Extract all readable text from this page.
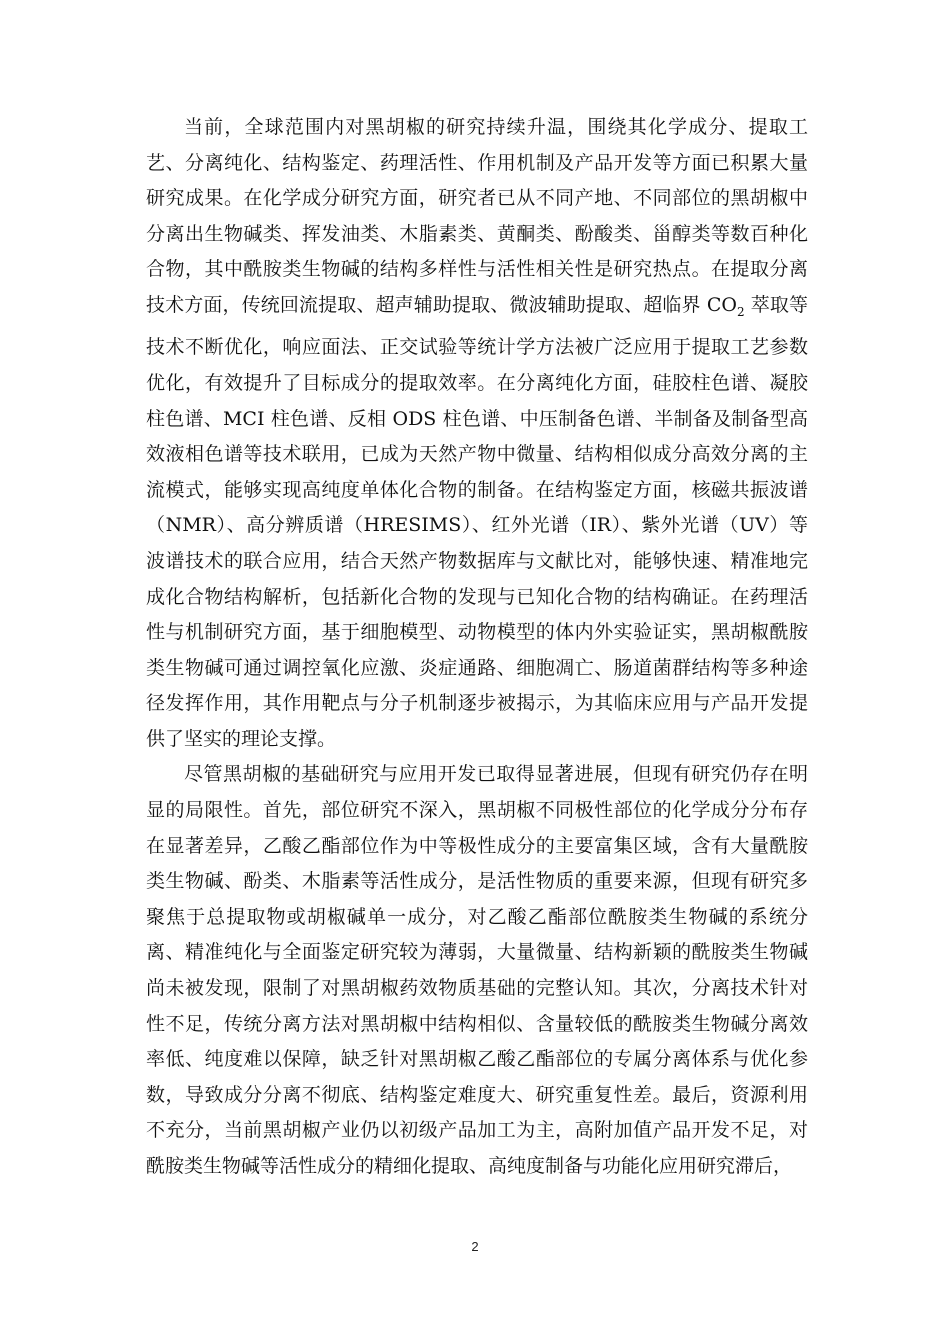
当前，全球范围内对黑胡椒的研究持续升温，围绕其化学成分、提取工艺、分离纯化、结构鉴定、药理活性、作用机制及产品开发等方面已积累大量研究成果。在化学成分研究方面，研究者已从不同产地、不同部位的黑胡椒中分离出生物碱类、挥发油类、木脂素类、黄酮类、酚酸类、甾醇类等数百种化合物，其中酰胺类生物碱的结构多样性与活性相关性是研究热点。在提取分离技术方面，传统回流提取、超声辅助提取、微波辅助提取、超临界 $CO_2$ 萃取等技术不断优化，响应面法、正交试验等统计学方法被广泛应用于提取工艺参数优化，有效提升了目标成分的提取效率。在分离纯化方面，硅胶柱色谱、凝胶柱色谱、MCI 柱色谱、反相 ODS 柱色谱、中压制备色谱、半制备及制备型高效液相色谱等技术联用，已成为天然产物中微量、结构相似成分高效分离的主流模式，能够实现高纯度单体化合物的制备。在结构鉴定方面，核磁共振波谱（NMR）、高分辨质谱（HRESIMS）、红外光谱（IR）、紫外光谱（UV）等波谱技术的联合应用，结合天然产物数据库与文献比对，能够快速、精准地完成化合物结构解析，包括新化合物的发现与已知化合物的结构确证。在药理活性与机制研究方面，基于细胞模型、动物模型的体内外实验证实，黑胡椒酰胺类生物碱可通过调控氧化应激、炎症通路、细胞凋亡、肠道菌群结构等多种途径发挥作用，其作用靶点与分子机制逐步被揭示，为其临床应用与产品开发提供了坚实的理论支撑。

尽管黑胡椒的基础研究与应用开发已取得显著进展，但现有研究仍存在明显的局限性。首先，部位研究不深入，黑胡椒不同极性部位的化学成分分布存在显著差异，乙酸乙酯部位作为中等极性成分的主要富集区域，含有大量酰胺类生物碱、酚类、木脂素等活性成分，是活性物质的重要来源，但现有研究多聚焦于总提取物或胡椒碱单一成分，对乙酸乙酯部位酰胺类生物碱的系统分离、精准纯化与全面鉴定研究较为薄弱，大量微量、结构新颖的酰胺类生物碱尚未被发现，限制了对黑胡椒药效物质基础的完整认知。其次，分离技术针对性不足，传统分离方法对黑胡椒中结构相似、含量较低的酰胺类生物碱分离效率低、纯度难以保障，缺乏针对黑胡椒乙酸乙酯部位的专属分离体系与优化参数，导致成分分离不彻底、结构鉴定难度大、研究重复性差。最后，资源利用不充分，当前黑胡椒产业仍以初级产品加工为主，高附加值产品开发不足，对酰胺类生物碱等活性成分的精细化提取、高纯度制备与功能化应用研究滞后，

2
